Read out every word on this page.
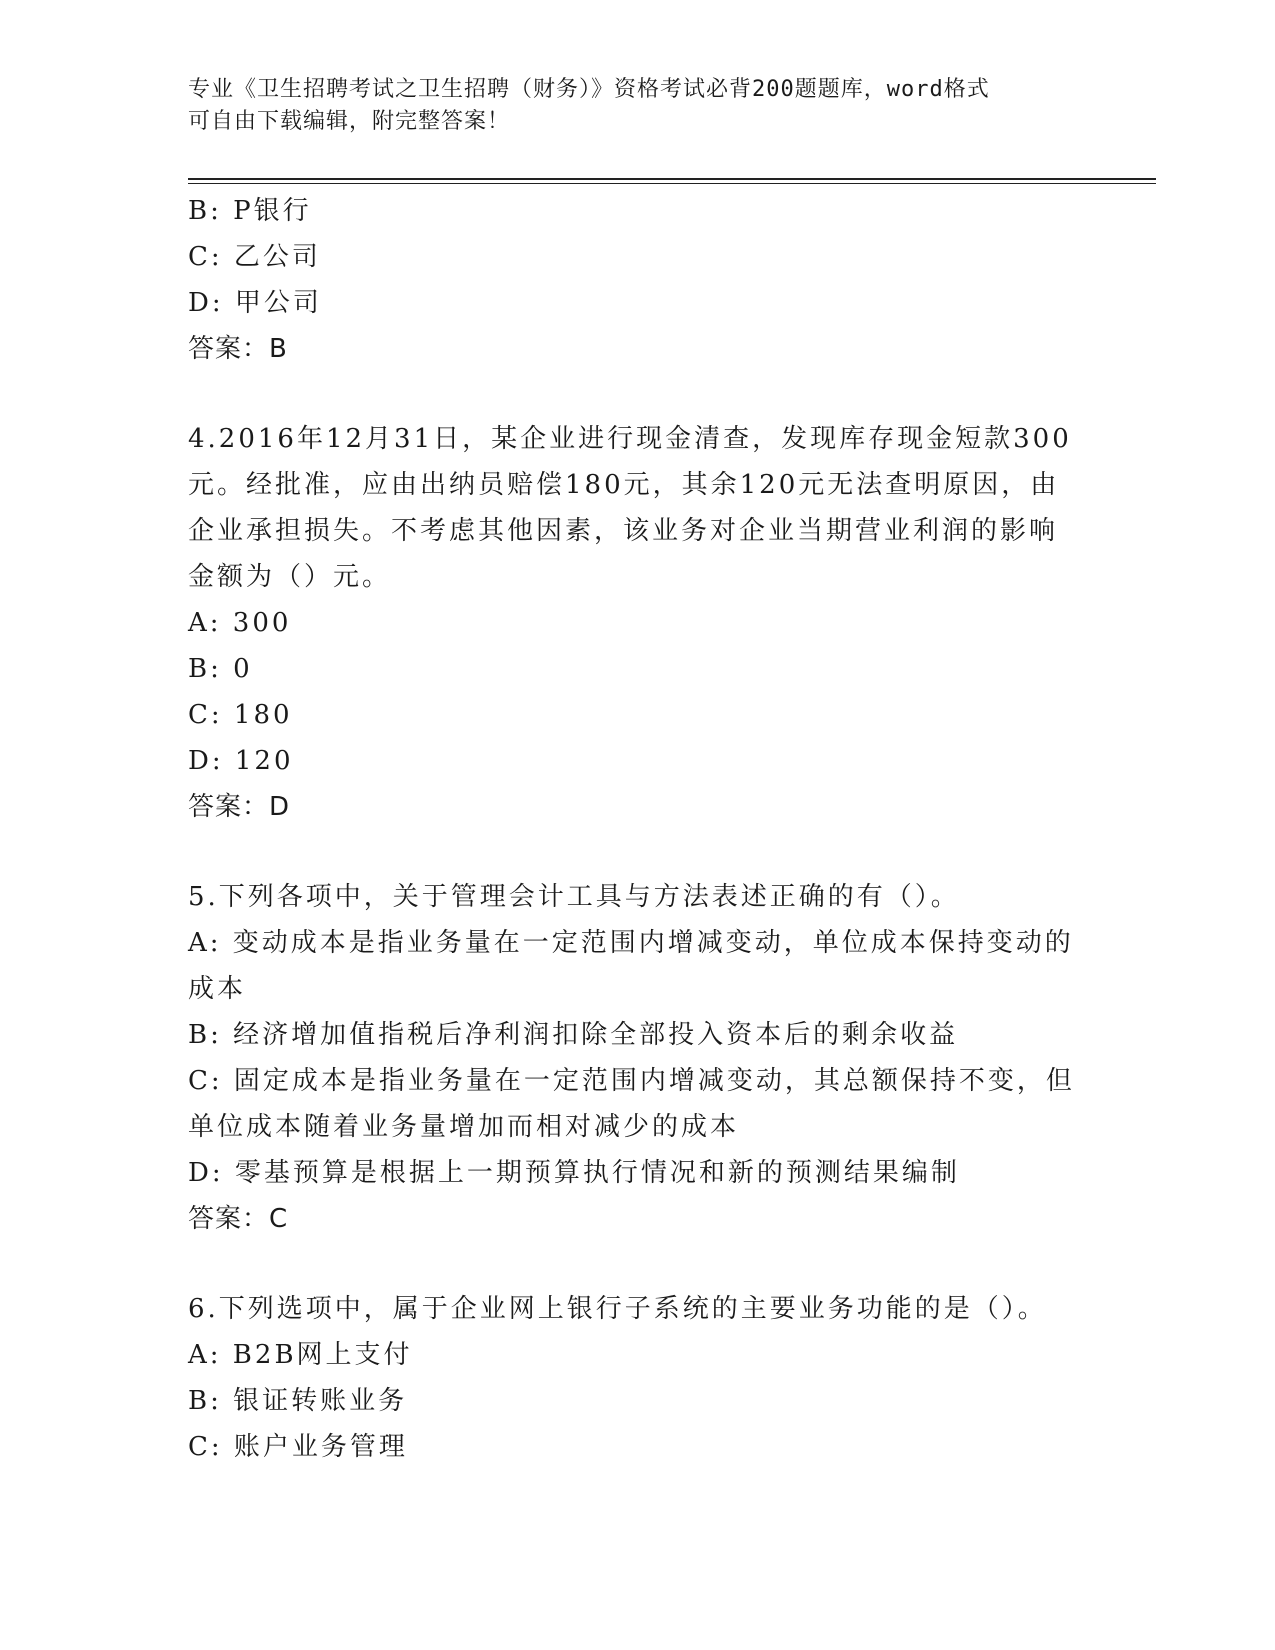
专业《卫生招聘考试之卫生招聘（财务）》资格考试必背200题题库，word格式
可自由下载编辑，附完整答案！
B: P银行
C: 乙公司
D: 甲公司
答案：B
4.2016年12月31日，某企业进行现金清查，发现库存现金短款300
元。经批准，应由出纳员赔偿180元，其余120元无法查明原因，由
企业承担损失。不考虑其他因素，该业务对企业当期营业利润的影响
金额为（）元。
A: 300
B: 0
C: 180
D: 120
答案：D
5.下列各项中，关于管理会计工具与方法表述正确的有（）。
A: 变动成本是指业务量在一定范围内增减变动，单位成本保持变动的
成本
B: 经济增加值指税后净利润扣除全部投入资本后的剩余收益
C: 固定成本是指业务量在一定范围内增减变动，其总额保持不变，但
单位成本随着业务量增加而相对减少的成本
D: 零基预算是根据上一期预算执行情况和新的预测结果编制
答案：C
6.下列选项中，属于企业网上银行子系统的主要业务功能的是（）。
A: B2B网上支付
B: 银证转账业务
C: 账户业务管理
